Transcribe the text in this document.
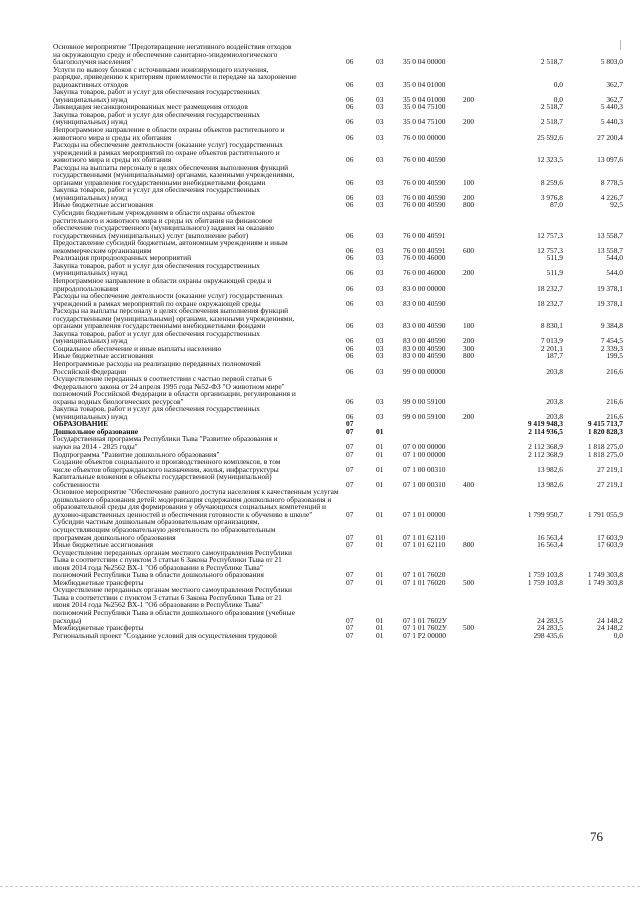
Основное мероприятие "Предотвращение негативного воздействия отходов
на окружающую среду и обеспечение санитарно-эпидемиологического
благополучия населения"	06	03	35 0 04 00000	2 518,7	5 803,0
Услуги по вывозу блоков с источниками ионизирующего излучения,
разрядке, приведению к критериям приемлемости и передаче на захоронение
радиоактивных отходов	06	03	35 0 04 01000	0,0	362,7
Закупка товаров, работ и услуг для обеспечения государственных
(муниципальных) нужд	06	03	35 0 04 01000 200	0,0	362,7
Ликвидация несанкционированных мест размещения отходов	06	03	35 0 04 75100	2 518,7	5 440,3
Закупка товаров, работ и услуг для обеспечения государственных
(муниципальных) нужд	06	03	35 0 04 75100 200	2 518,7	5 440,3
Непрограммное направление в области охраны объектов растительного и
животного мира и среды их обитания	06	03	76 0 00 00000	25 592,6	27 200,4
Расходы на обеспечение деятельности (оказание услуг) государственных
учреждений в рамках мероприятий по охране объектов растительного и
животного мира и среды их обитания	06	03	76 0 00 40590	12 323,5	13 097,6
Расходы на выплаты персоналу в целях обеспечения выполнения функций
государственными (муниципальными) органами, казенными учреждениями,
органами управления государственными внебюджетными фондами	06	03	76 0 00 40590 100	8 259,6	8 778,5
Закупка товаров, работ и услуг для обеспечения государственных
(муниципальных) нужд	06	03	76 0 00 40590 200	3 976,8	4 226,7
Иные бюджетные ассигнования	06	03	76 0 00 40590 800	87,0	92,5
Субсидии бюджетным учреждениям в области охраны объектов
растительного и животного мира и среды их обитания на финансовое
обеспечение государственного (муниципального) задания на оказание
государственных (муниципальных) услуг (выполнение работ)	06	03	76 0 00 40591	12 757,3	13 558,7
Предоставление субсидий бюджетным, автономным учреждениям и иным
некоммерческим организациям	06	03	76 0 00 40591 600	12 757,3	13 558,7
Реализация природоохранных мероприятий	06	03	76 0 00 46000	511,9	544,0
Закупка товаров, работ и услуг для обеспечения государственных
(муниципальных) нужд	06	03	76 0 00 46000 200	511,9	544,0
Непрограммное направление в области охраны окружающей среды и
природопользования	06	03	83 0 00 00000	18 232,7	19 378,1
Расходы на обеспечение деятельности (оказание услуг) государственных
учреждений в рамках мероприятий по охране окружающей среды	06	03	83 0 00 40590	18 232,7	19 378,1
Расходы на выплаты персоналу в целях обеспечения выполнения функций
государственными (муниципальными) органами, казенными учреждениями,
органами управления государственными внебюджетными фондами	06	03	83 0 00 40590 100	8 830,1	9 384,8
Закупка товаров, работ и услуг для обеспечения государственных
(муниципальных) нужд	06	03	83 0 00 40590 200	7 013,9	7 454,5
Социальное обеспечение и иные выплаты населению	06	03	83 0 00 40590 300	2 201,1	2 339,3
Иные бюджетные ассигнования	06	03	83 0 00 40590 800	187,7	199,5
Непрограммные расходы на реализацию переданных полномочий
Российской Федерации	06	03	99 0 00 00000	203,8	216,6
Осуществление переданных в соответствии с частью первой статьи 6
Федерального закона от 24 апреля 1995 года №52-ФЗ "О животном мире"
полномочий Российской Федерации в области организации, регулирования и
охраны водных биологических ресурсов"	06	03	99 0 00 59100	203,8	216,6
Закупка товаров, работ и услуг для обеспечения государственных
(муниципальных) нужд	06	03	99 0 00 59100 200	203,8	216,6
ОБРАЗОВАНИЕ	07	9 419 948,3	9 415 713,7
Дошкольное образование	07	01	2 114 936,5	1 820 828,3
Государственная программа Республики Тыва "Развитие образования и
науки на 2014 - 2025 годы"	07	01	07 0 00 00000	2 112 368,9	1 818 275,0
Подпрограмма "Развитие дошкольного образования"	07	01	07 1 00 00000	2 112 368,9	1 818 275,0
Создание объектов социального и производственного комплексов, в том
числе объектов общегражданского назначения, жилья, инфраструктуры	07	01	07 1 00 00310	13 982,6	27 219,1
Капитальные вложения в объекты государственной (муниципальной)
собственности	07	01	07 1 00 00310 400	13 982,6	27 219,1
Основное мероприятие "Обеспечение равного доступа населения к качественным услугам дошкольного образования детей: модернизация содержания дошкольного образования и образовательной среды для формирования у обучающихся социальных компетенций и духовно-нравственных ценностей и обеспечения готовности к обучению в школе"	07	01	07 1 01 00000	1 799 950,7	1 791 055,9
Субсидии частным дошкольным образовательным организациям,
осуществляющим образовательную деятельность по образовательным
программам дошкольного образования	07	01	07 1 01 62110	16 563,4	17 603,9
Иные бюджетные ассигнования	07	01	07 1 01 62110 800	16 563,4	17 603,9
Осуществление переданных органам местного самоуправления Республики
Тыва в соответствии с пунктом 3 статьи 6 Закона Республики Тыва от 21
июня 2014 года №2562 ВХ-1 "Об образовании в Республике Тыва"
полномочий Республики Тыва в области дошкольного образования	07	01	07 1 01 76020	1 759 103,8	1 749 303,8
Межбюджетные трансферты	07	01	07 1 01 76020 500	1 759 103,8	1 749 303,8
Осуществление переданных органам местного самоуправления Республики
Тыва в соответствии с пунктом 3 статьи 6 Закона Республики Тыва от 21
июня 2014 года №2562 ВХ-1 "Об образовании в Республике Тыва"
полномочий Республики Тыва в области дошкольного образования (учебные
расходы)	07	01	07 1 01 7602У	24 283,5	24 148,2
Межбюджетные трансферты	07	01	07 1 01 7602У 500	24 283,5	24 148,2
Региональный проект "Создание условий для осуществления трудовой	07	01	07 1 P2 00000	298 435,6	0,0
76
